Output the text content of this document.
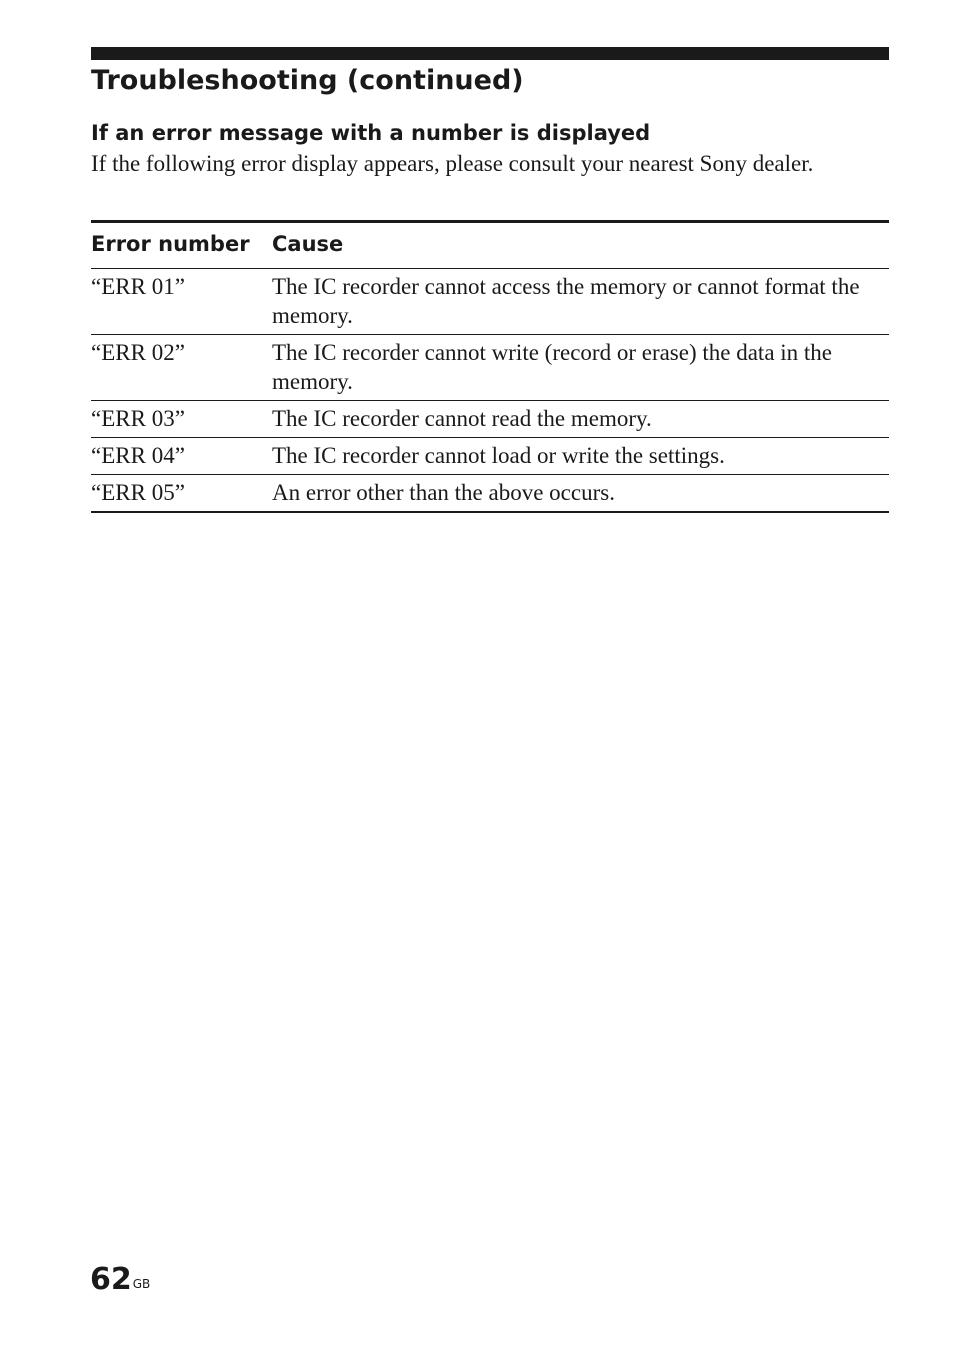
Troubleshooting (continued)
If an error message with a number is displayed

If the following error display appears, please consult your nearest Sony dealer.

Error number	Cause
“ERR 01”	The IC recorder cannot access the memory or cannot format the memory.
“ERR 02”	The IC recorder cannot write (record or erase) the data in the memory.
“ERR 03”	The IC recorder cannot read the memory.
“ERR 04”	The IC recorder cannot load or write the settings.
“ERR 05”	An error other than the above occurs.
$62^{GB}$
